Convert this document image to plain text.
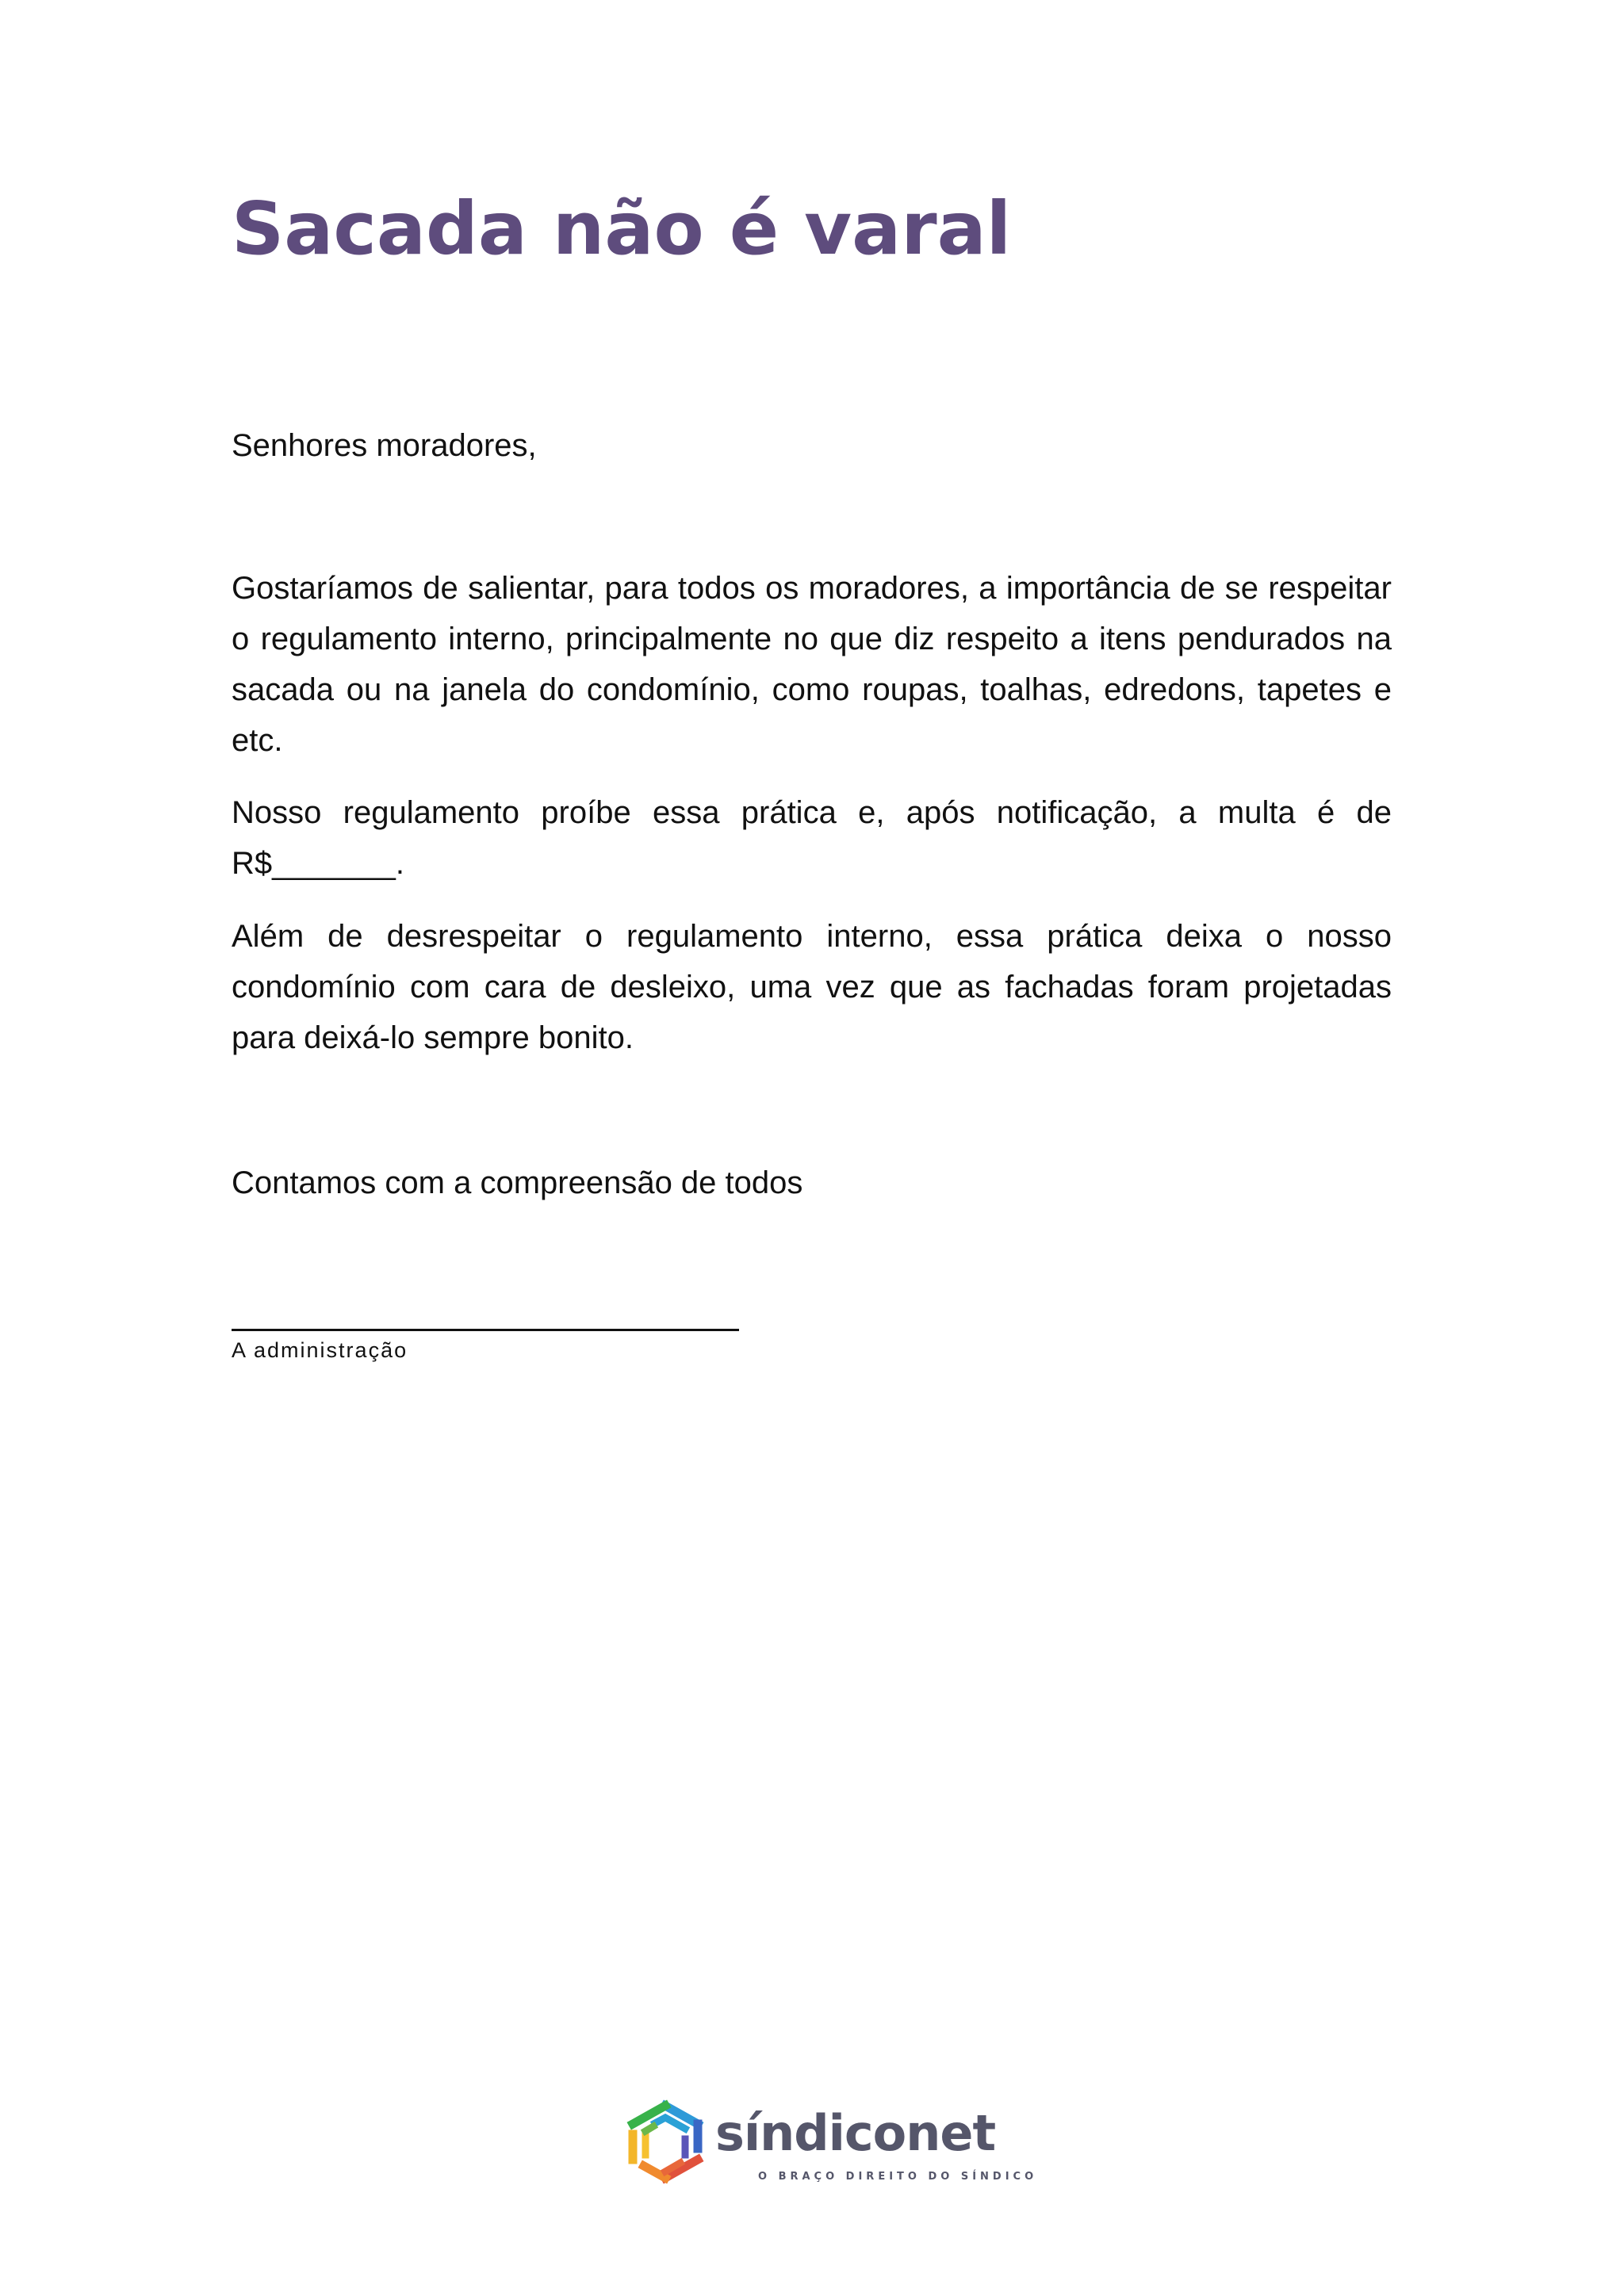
Sacada não é varal

Senhores moradores,

Gostaríamos de salientar, para todos os moradores, a importância de se respeitar o regulamento interno, principalmente no que diz respeito a itens pendurados na sacada ou na janela do condomínio, como roupas, toalhas, edredons, tapetes e etc.

Nosso regulamento proíbe essa prática e, após notificação, a multa é de R$_______.

Além de desrespeitar o regulamento interno, essa prática deixa o nosso condomínio com cara de desleixo, uma vez que as fachadas foram projetadas para deixá-lo sempre bonito.

Contamos com a compreensão de todos

A administração

síndiconet
O BRAÇO DIREITO DO SÍNDICO
